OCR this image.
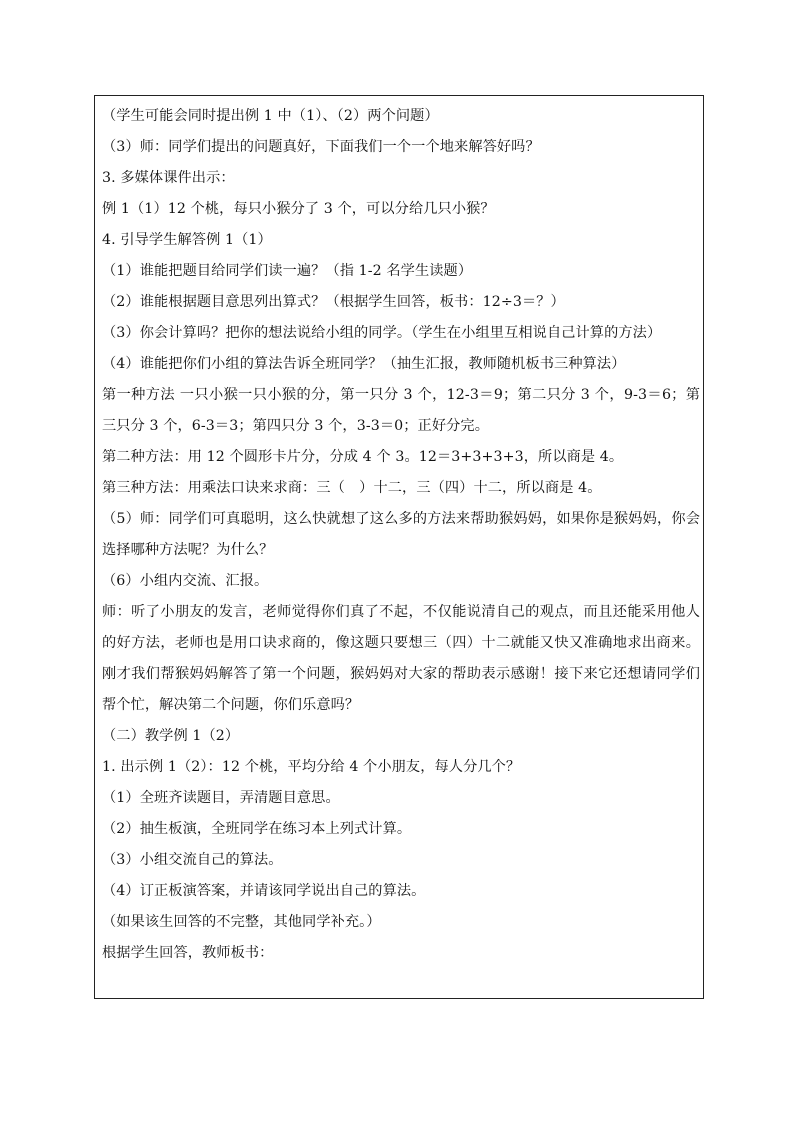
（学生可能会同时提出例 1 中（1）、（2）两个问题）
（3）师：同学们提出的问题真好，下面我们一个一个地来解答好吗？
3. 多媒体课件出示：
例 1（1）12 个桃，每只小猴分了 3 个，可以分给几只小猴？
4. 引导学生解答例 1（1）
（1）谁能把题目给同学们读一遍？（指 1-2 名学生读题）
（2）谁能根据题目意思列出算式？（根据学生回答，板书：12÷3＝？）
（3）你会计算吗？把你的想法说给小组的同学。（学生在小组里互相说自己计算的方法）
（4）谁能把你们小组的算法告诉全班同学？（抽生汇报，教师随机板书三种算法）
第一种方法 一只小猴一只小猴的分，第一只分 3 个，12-3＝9；第二只分 3 个，9-3＝6；第三只分 3 个，6-3＝3；第四只分 3 个，3-3＝0；正好分完。
第二种方法：用 12 个圆形卡片分，分成 4 个 3。12＝3+3+3+3，所以商是 4。
第三种方法：用乘法口诀来求商：三（　）十二，三（四）十二，所以商是 4。
（5）师：同学们可真聪明，这么快就想了这么多的方法来帮助猴妈妈，如果你是猴妈妈，你会选择哪种方法呢？为什么？
（6）小组内交流、汇报。
师：听了小朋友的发言，老师觉得你们真了不起，不仅能说清自己的观点，而且还能采用他人的好方法，老师也是用口诀求商的，像这题只要想三（四）十二就能又快又准确地求出商来。刚才我们帮猴妈妈解答了第一个问题，猴妈妈对大家的帮助表示感谢！接下来它还想请同学们帮个忙，解决第二个问题，你们乐意吗？
（二）教学例 1（2）
1. 出示例 1（2）：12 个桃，平均分给 4 个小朋友，每人分几个？
（1）全班齐读题目，弄清题目意思。
（2）抽生板演，全班同学在练习本上列式计算。
（3）小组交流自己的算法。
（4）订正板演答案，并请该同学说出自己的算法。
（如果该生回答的不完整，其他同学补充。）
根据学生回答，教师板书：
